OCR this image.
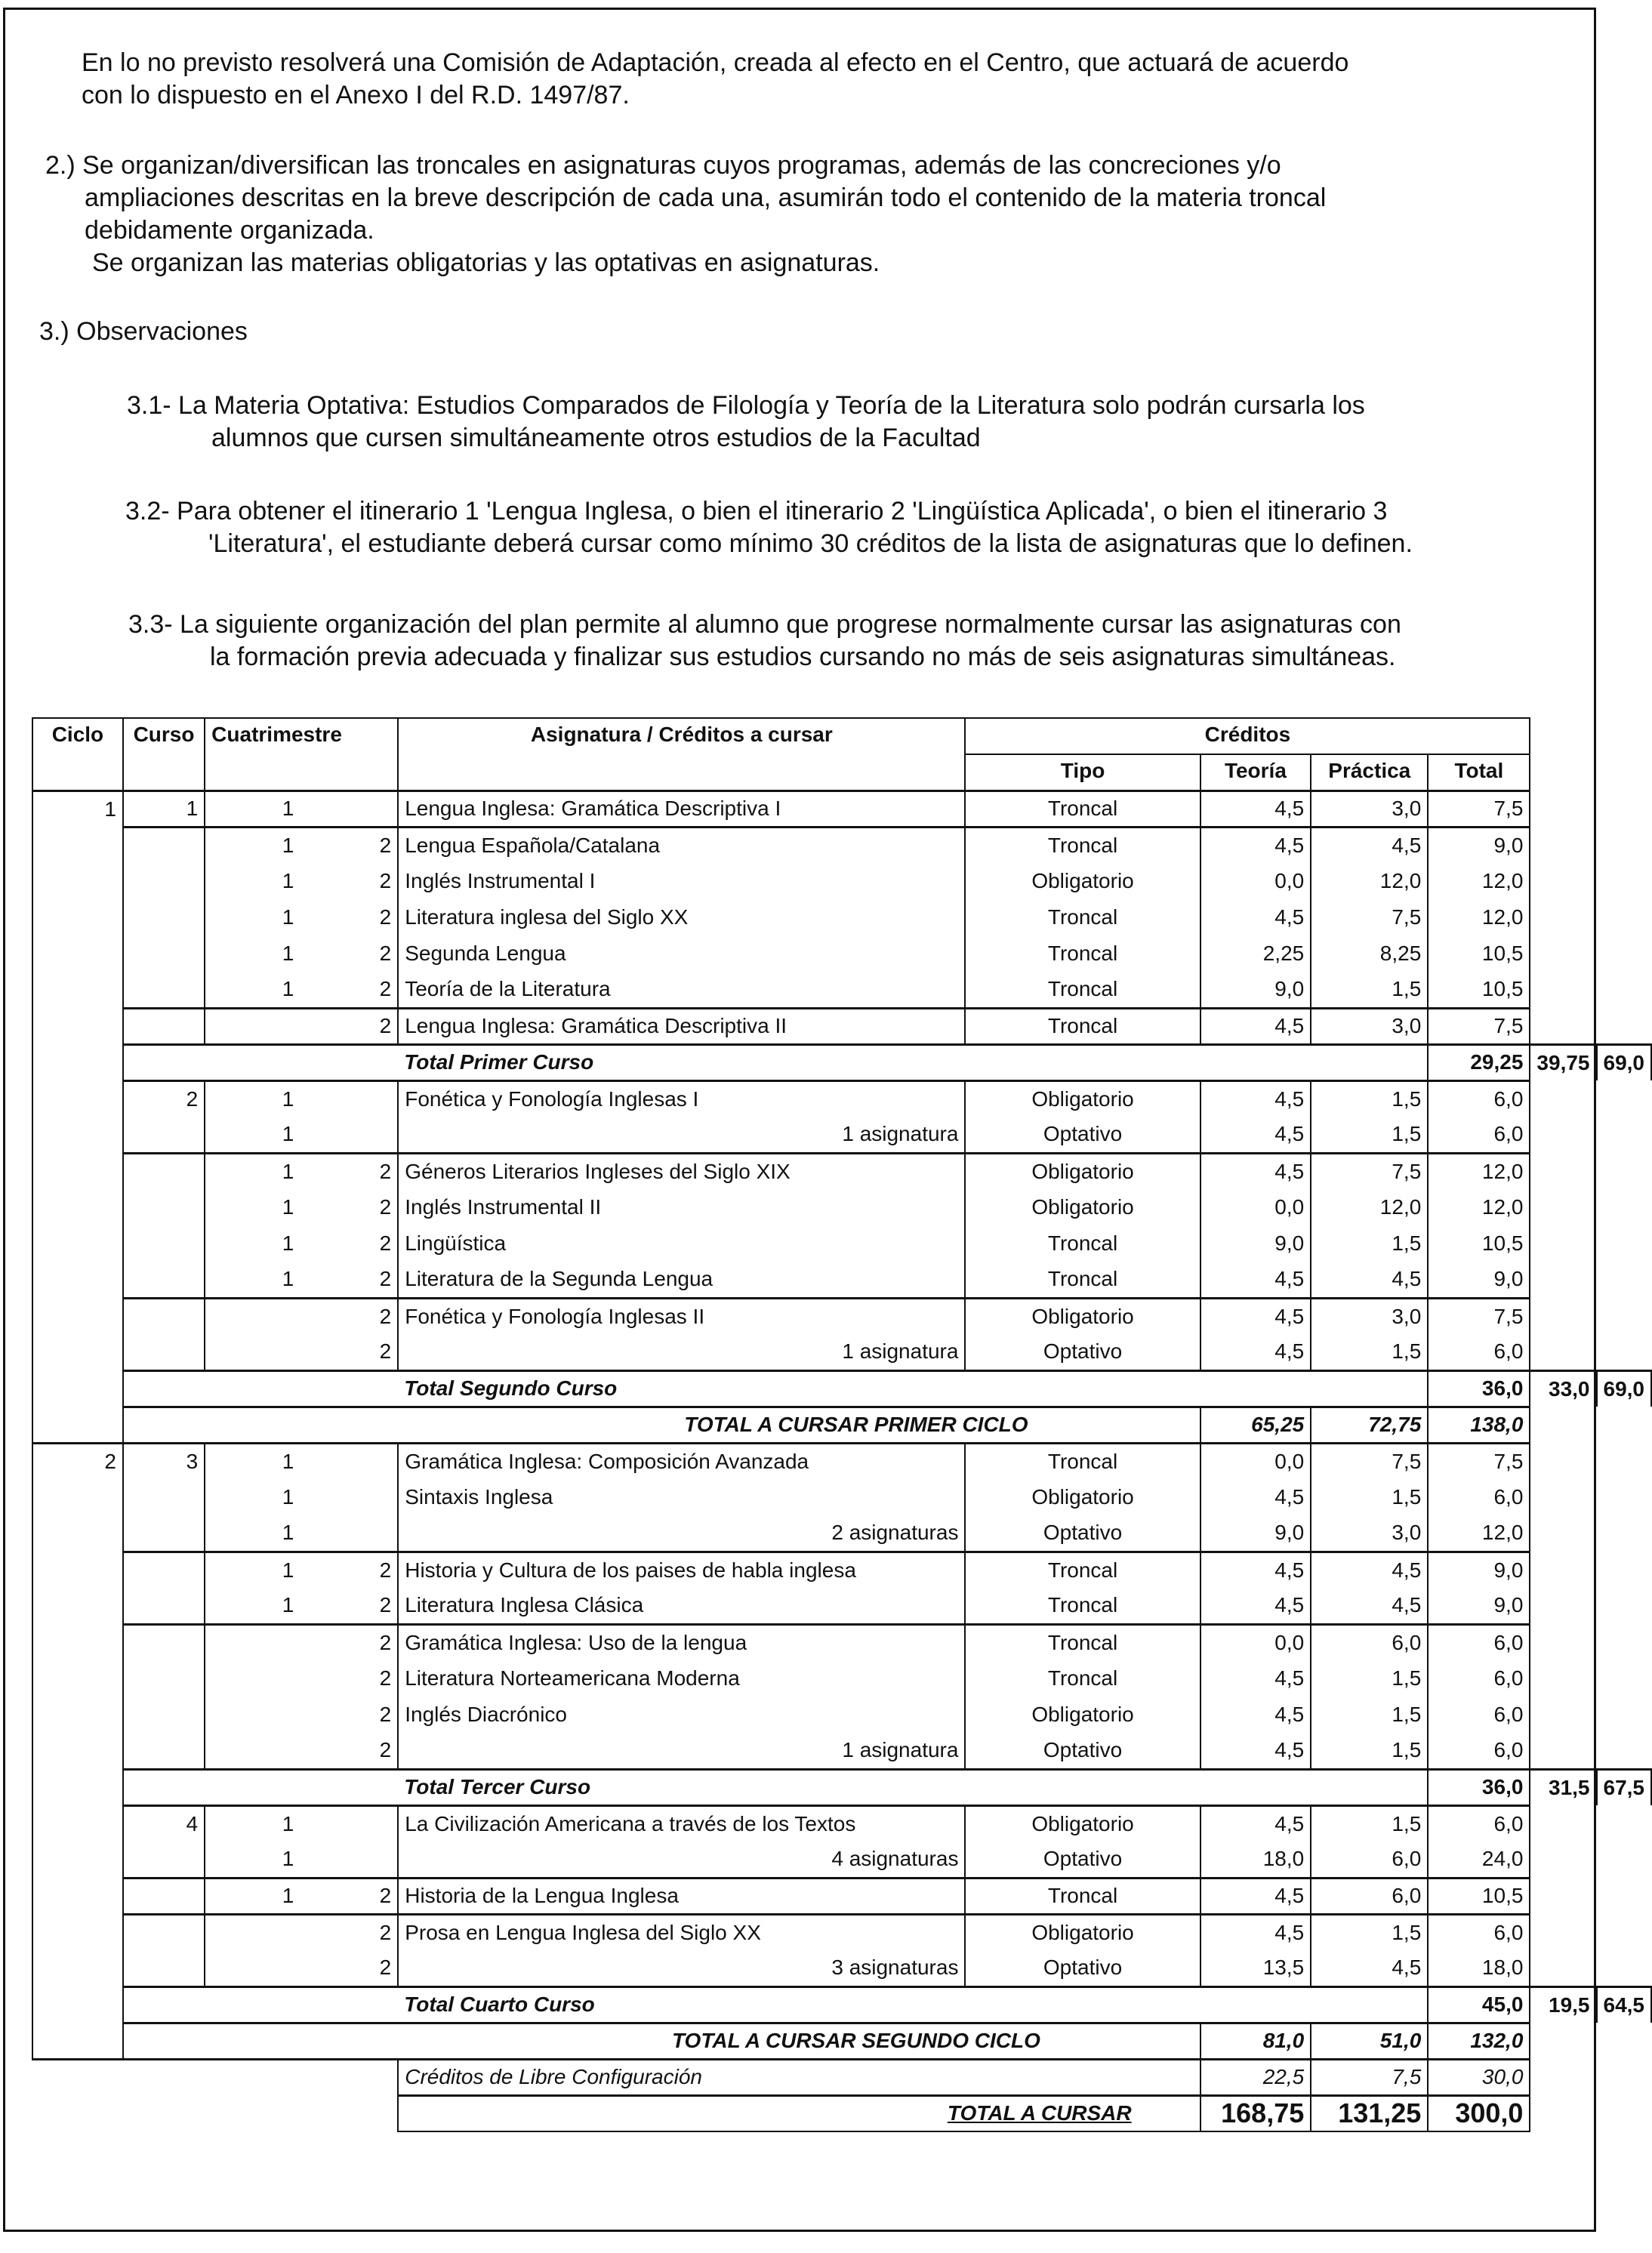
En lo no previsto resolverá una Comisión de Adaptación, creada al efecto en el Centro, que actuará de acuerdo
con lo dispuesto en el Anexo I del R.D. 1497/87.

2.) Se organizan/diversifican las troncales en asignaturas cuyos programas, además de las concreciones y/o
ampliaciones descritas en la breve descripción de cada una, asumirán todo el contenido de la materia troncal
debidamente organizada.
Se organizan las materias obligatorias y las optativas en asignaturas.

3.) Observaciones

3.1- La Materia Optativa: Estudios Comparados de Filología y Teoría de la Literatura solo podrán cursarla los
alumnos que cursen simultáneamente otros estudios de la Facultad

3.2- Para obtener el itinerario 1 'Lengua Inglesa, o bien el itinerario 2 'Lingüística Aplicada', o bien el itinerario 3
'Literatura', el estudiante deberá cursar como mínimo 30 créditos de la lista de asignaturas que lo definen.

3.3- La siguiente organización del plan permite al alumno que progrese normalmente cursar las asignaturas con
la formación previa adecuada y finalizar sus estudios cursando no más de seis asignaturas simultáneas.

Ciclo	Curso	Cuatrimestre		Asignatura / Créditos a cursar	Créditos					
					Tipo	Teoría	Práctica	Total		
1	1	1		Lengua Inglesa: Gramática Descriptiva I	Troncal	4,5	3,0	7,5		
		1	2	Lengua Española/Catalana	Troncal	4,5	4,5	9,0		
		1	2	Inglés Instrumental I	Obligatorio	0,0	12,0	12,0		
		1	2	Literatura inglesa del Siglo XX	Troncal	4,5	7,5	12,0		
		1	2	Segunda Lengua	Troncal	2,25	8,25	10,5		
		1	2	Teoría de la Literatura	Troncal	9,0	1,5	10,5		
			2	Lengua Inglesa: Gramática Descriptiva II	Troncal	4,5	3,0	7,5		
				Total Primer Curso				29,25	39,75	69,0
	2	1		Fonética y Fonología Inglesas I	Obligatorio	4,5	1,5	6,0		
		1		1 asignatura	Optativo	4,5	1,5	6,0		
		1	2	Géneros Literarios Ingleses del Siglo XIX	Obligatorio	4,5	7,5	12,0		
		1	2	Inglés Instrumental II	Obligatorio	0,0	12,0	12,0		
		1	2	Lingüística	Troncal	9,0	1,5	10,5		
		1	2	Literatura de la Segunda Lengua	Troncal	4,5	4,5	9,0		
			2	Fonética y Fonología Inglesas II	Obligatorio	4,5	3,0	7,5		
			2	1 asignatura	Optativo	4,5	1,5	6,0		
				Total Segundo Curso				36,0	33,0	69,0
				TOTAL A CURSAR PRIMER CICLO		65,25	72,75	138,0		
2	3	1		Gramática Inglesa: Composición Avanzada	Troncal	0,0	7,5	7,5		
		1		Sintaxis Inglesa	Obligatorio	4,5	1,5	6,0		
		1		2 asignaturas	Optativo	9,0	3,0	12,0		
		1	2	Historia y Cultura de los paises de habla inglesa	Troncal	4,5	4,5	9,0		
		1	2	Literatura Inglesa Clásica	Troncal	4,5	4,5	9,0		
			2	Gramática Inglesa: Uso de la lengua	Troncal	0,0	6,0	6,0		
			2	Literatura Norteamericana Moderna	Troncal	4,5	1,5	6,0		
			2	Inglés Diacrónico	Obligatorio	4,5	1,5	6,0		
			2	1 asignatura	Optativo	4,5	1,5	6,0		
				Total Tercer Curso				36,0	31,5	67,5
	4	1		La Civilización Americana a través de los Textos	Obligatorio	4,5	1,5	6,0		
		1		4 asignaturas	Optativo	18,0	6,0	24,0		
		1	2	Historia de la Lengua Inglesa	Troncal	4,5	6,0	10,5		
			2	Prosa en Lengua Inglesa del Siglo XX	Obligatorio	4,5	1,5	6,0		
			2	3 asignaturas	Optativo	13,5	4,5	18,0		
				Total Cuarto Curso				45,0	19,5	64,5
				TOTAL A CURSAR SEGUNDO CICLO		81,0	51,0	132,0		
				Créditos de Libre Configuración		22,5	7,5	30,0		
				TOTAL A CURSAR		168,75	131,25	300,0		
